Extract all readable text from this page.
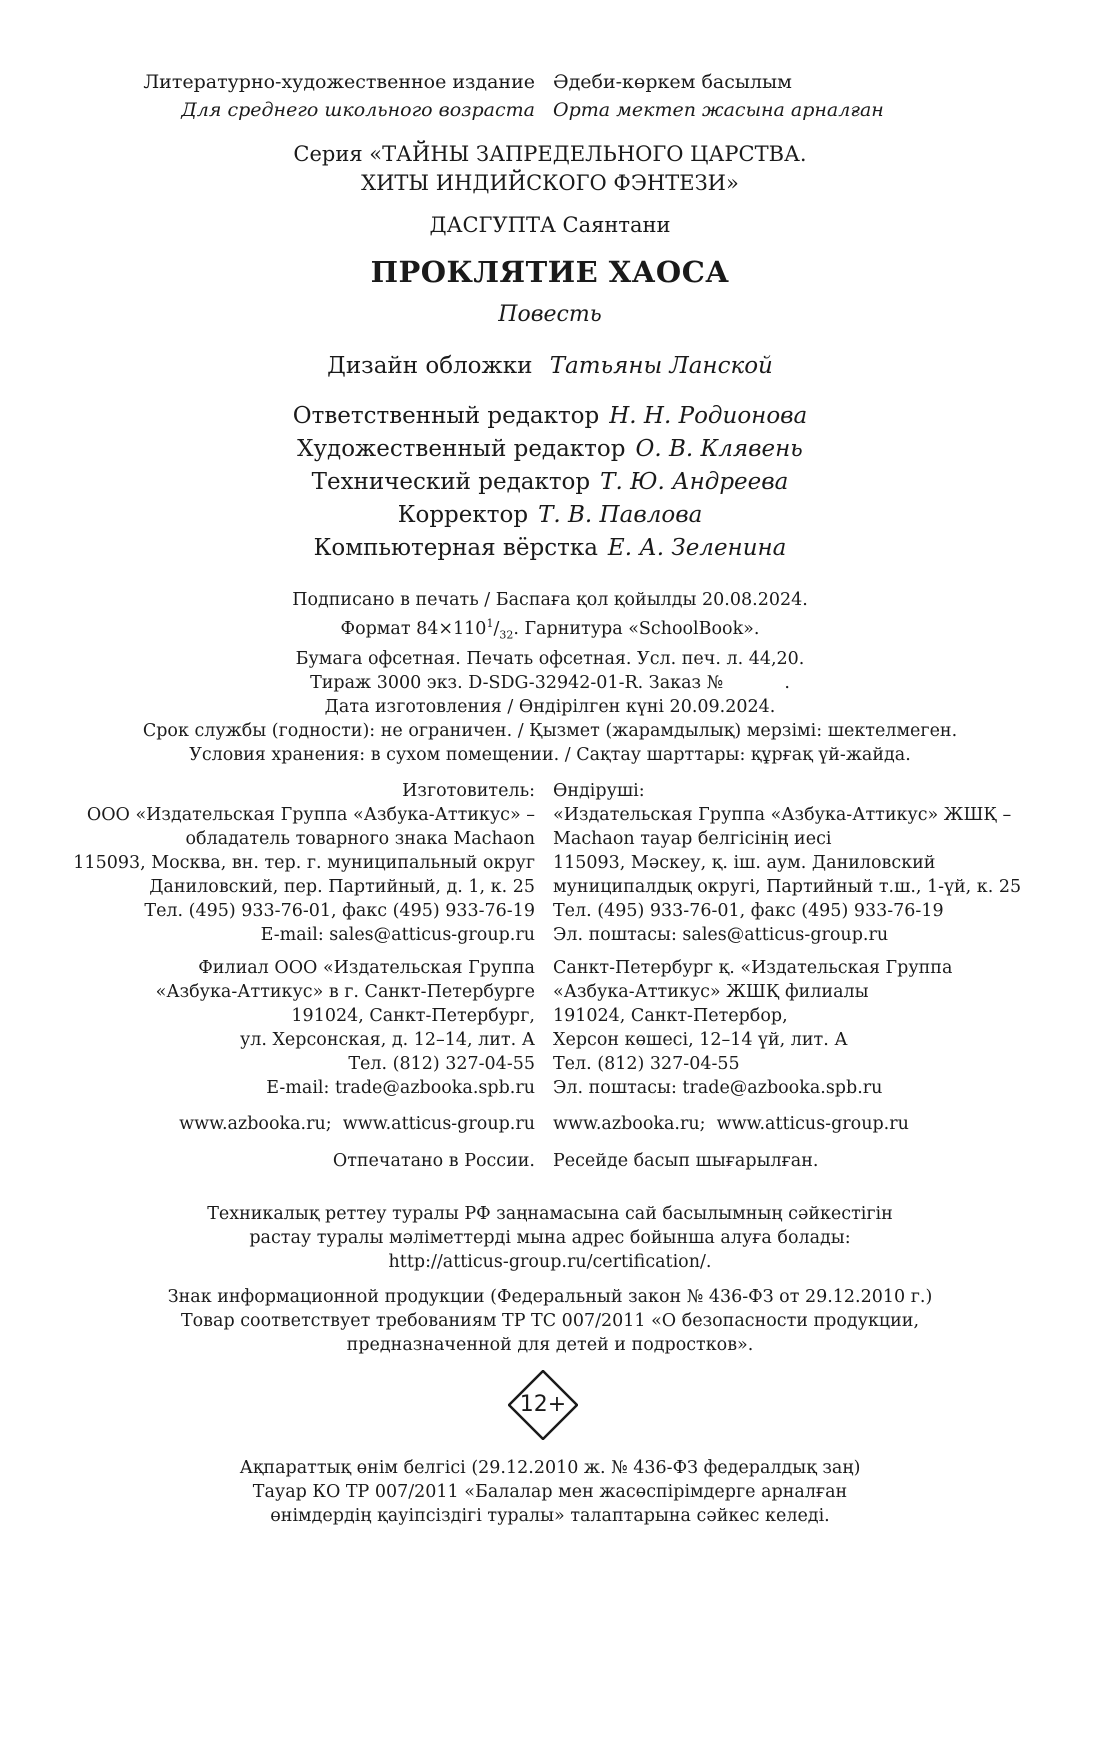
Литературно-художественное издание
Для среднего школьного возраста
Әдеби-көркем басылым
Орта мектеп жасына арналған
Серия «ТАЙНЫ ЗАПРЕДЕЛЬНОГО ЦАРСТВА.
ХИТЫ ИНДИЙСКОГО ФЭНТЕЗИ»
ДАСГУПТА Саянтани
ПРОКЛЯТИЕ ХАОСА
Повесть
Дизайн обложки Татьяны Ланской
Ответственный редактор Н. Н. Родионова
Художественный редактор О. В. Клявень
Технический редактор Т. Ю. Андреева
Корректор Т. В. Павлова
Компьютерная вёрстка Е. А. Зеленина
Подписано в печать / Баспаға қол қойылды 20.08.2024.
Формат $84\times 110^1/_{32}$. Гарнитура «SchoolBook».
Бумага офсетная. Печать офсетная. Усл. печ. л. 44,20.
Тираж 3000 экз. D-SDG-32942-01-R. Заказ №           .
Дата изготовления / Өндірілген күні 20.09.2024.
Срок службы (годности): не ограничен. / Қызмет (жарамдылық) мерзімі: шектелмеген.
Условия хранения: в сухом помещении. / Сақтау шарттары: құрғақ үй-жайда.
Изготовитель:
ООО «Издательская Группа «Азбука-Аттикус» –
обладатель товарного знака Machaon
115093, Москва, вн. тер. г. муниципальный округ
Даниловский, пер. Партийный, д. 1, к. 25
Тел. (495) 933-76-01, факс (495) 933-76-19
E-mail: sales@atticus-group.ru
Өндіруші:
«Издательская Группа «Азбука-Аттикус» ЖШҚ –
Machaon тауар белгісінің иесі
115093, Мәскеу, қ. іш. аум. Даниловский
муниципалдық округі, Партийный т.ш., 1-үй, к. 25
Тел. (495) 933-76-01, факс (495) 933-76-19
Эл. поштасы: sales@atticus-group.ru
Филиал ООО «Издательская Группа
«Азбука-Аттикус» в г. Санкт-Петербурге
191024, Санкт-Петербург,
ул. Херсонская, д. 12–14, лит. А
Тел. (812) 327-04-55
E-mail: trade@azbooka.spb.ru
Санкт-Петербург қ. «Издательская Группа
«Азбука-Аттикус» ЖШҚ филиалы
191024, Санкт-Петербор,
Херсон көшесі, 12–14 үй, лит. А
Тел. (812) 327-04-55
Эл. поштасы: trade@azbooka.spb.ru
www.azbooka.ru;  www.atticus-group.ru www.azbooka.ru;  www.atticus-group.ru
Отпечатано в России. Ресейде басып шығарылған.
Техникалық реттеу туралы РФ заңнамасына сай басылымның сәйкестігін
растау туралы мәліметтерді мына адрес бойынша алуға болады:
http://atticus-group.ru/certification/.
Знак информационной продукции (Федеральный закон № 436-ФЗ от 29.12.2010 г.)
Товар соответствует требованиям ТР ТС 007/2011 «О безопасности продукции,
предназначенной для детей и подростков».
12+
Ақпараттық өнім белгісі (29.12.2010 ж. № 436-ФЗ федералдық заң)
Тауар КО ТР 007/2011 «Балалар мен жасөспірімдерге арналған
өнімдердің қауіпсіздігі туралы» талаптарына сәйкес келеді.
